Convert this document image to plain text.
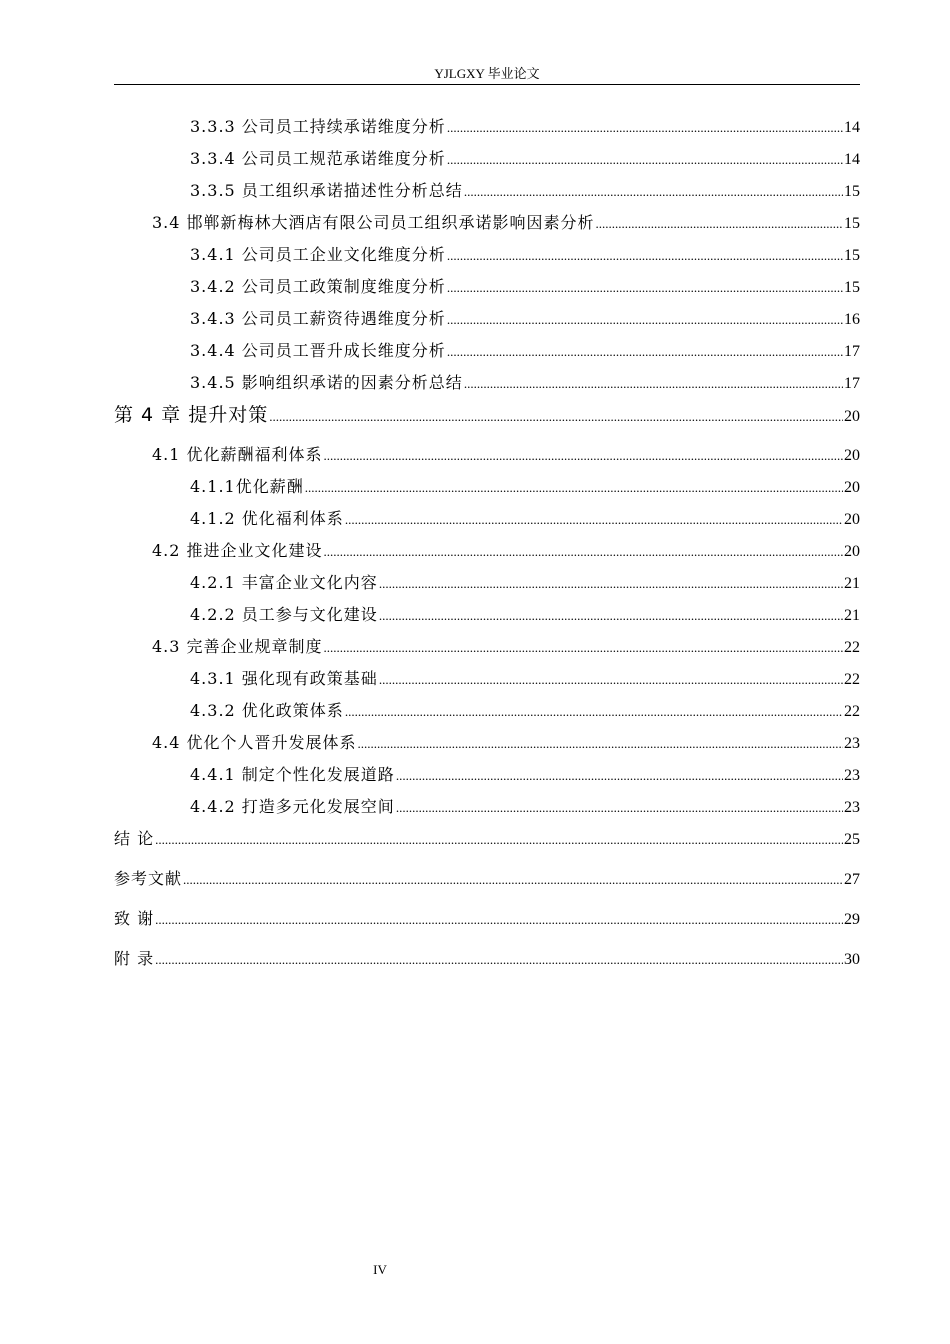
YJLGXY 毕业论文
3.3.3 公司员工持续承诺维度分析 .....	14
3.3.4 公司员工规范承诺维度分析 .....	14
3.3.5 员工组织承诺描述性分析总结 .....	15
3.4 邯郸新梅林大酒店有限公司员工组织承诺影响因素分析 .....	15
3.4.1 公司员工企业文化维度分析 .....	15
3.4.2 公司员工政策制度维度分析 .....	15
3.4.3 公司员工薪资待遇维度分析 .....	16
3.4.4 公司员工晋升成长维度分析 .....	17
3.4.5 影响组织承诺的因素分析总结 .....	17
第 4 章 提升对策 .....	20
4.1 优化薪酬福利体系 .....	20
4.1.1优化薪酬 .....	20
4.1.2 优化福利体系 .....	20
4.2 推进企业文化建设 .....	20
4.2.1 丰富企业文化内容 .....	21
4.2.2 员工参与文化建设 .....	21
4.3 完善企业规章制度 .....	22
4.3.1 强化现有政策基础 .....	22
4.3.2 优化政策体系 .....	22
4.4 优化个人晋升发展体系 .....	23
4.4.1 制定个性化发展道路 .....	23
4.4.2 打造多元化发展空间 .....	23
结 论 .....	25
参考文献 .....	27
致 谢 .....	29
附 录 .....	30
IV
